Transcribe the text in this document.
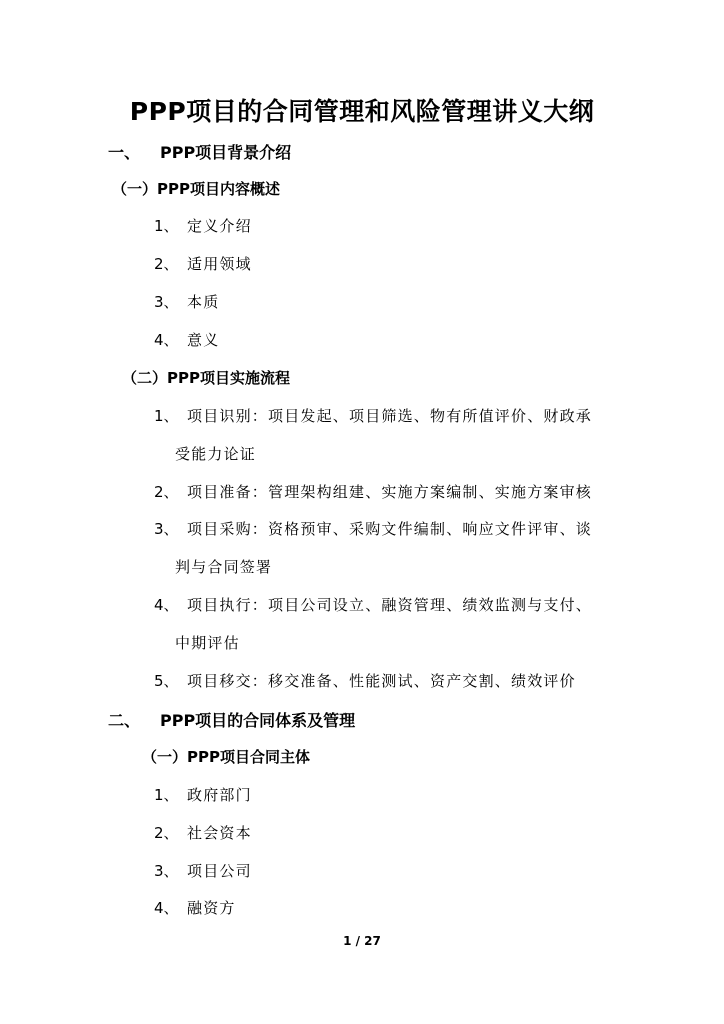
PPP项目的合同管理和风险管理讲义大纲
一、 PPP项目背景介绍
（一）PPP项目内容概述
1、 定义介绍
2、 适用领域
3、 本质
4、 意义
（二）PPP项目实施流程
1、 项目识别：项目发起、项目筛选、物有所值评价、财政承
受能力论证
2、 项目准备：管理架构组建、实施方案编制、实施方案审核
3、 项目采购：资格预审、采购文件编制、响应文件评审、谈
判与合同签署
4、 项目执行：项目公司设立、融资管理、绩效监测与支付、
中期评估
5、 项目移交：移交准备、性能测试、资产交割、绩效评价
二、 PPP项目的合同体系及管理
（一）PPP项目合同主体
1、 政府部门
2、 社会资本
3、 项目公司
4、 融资方
1 / 27
